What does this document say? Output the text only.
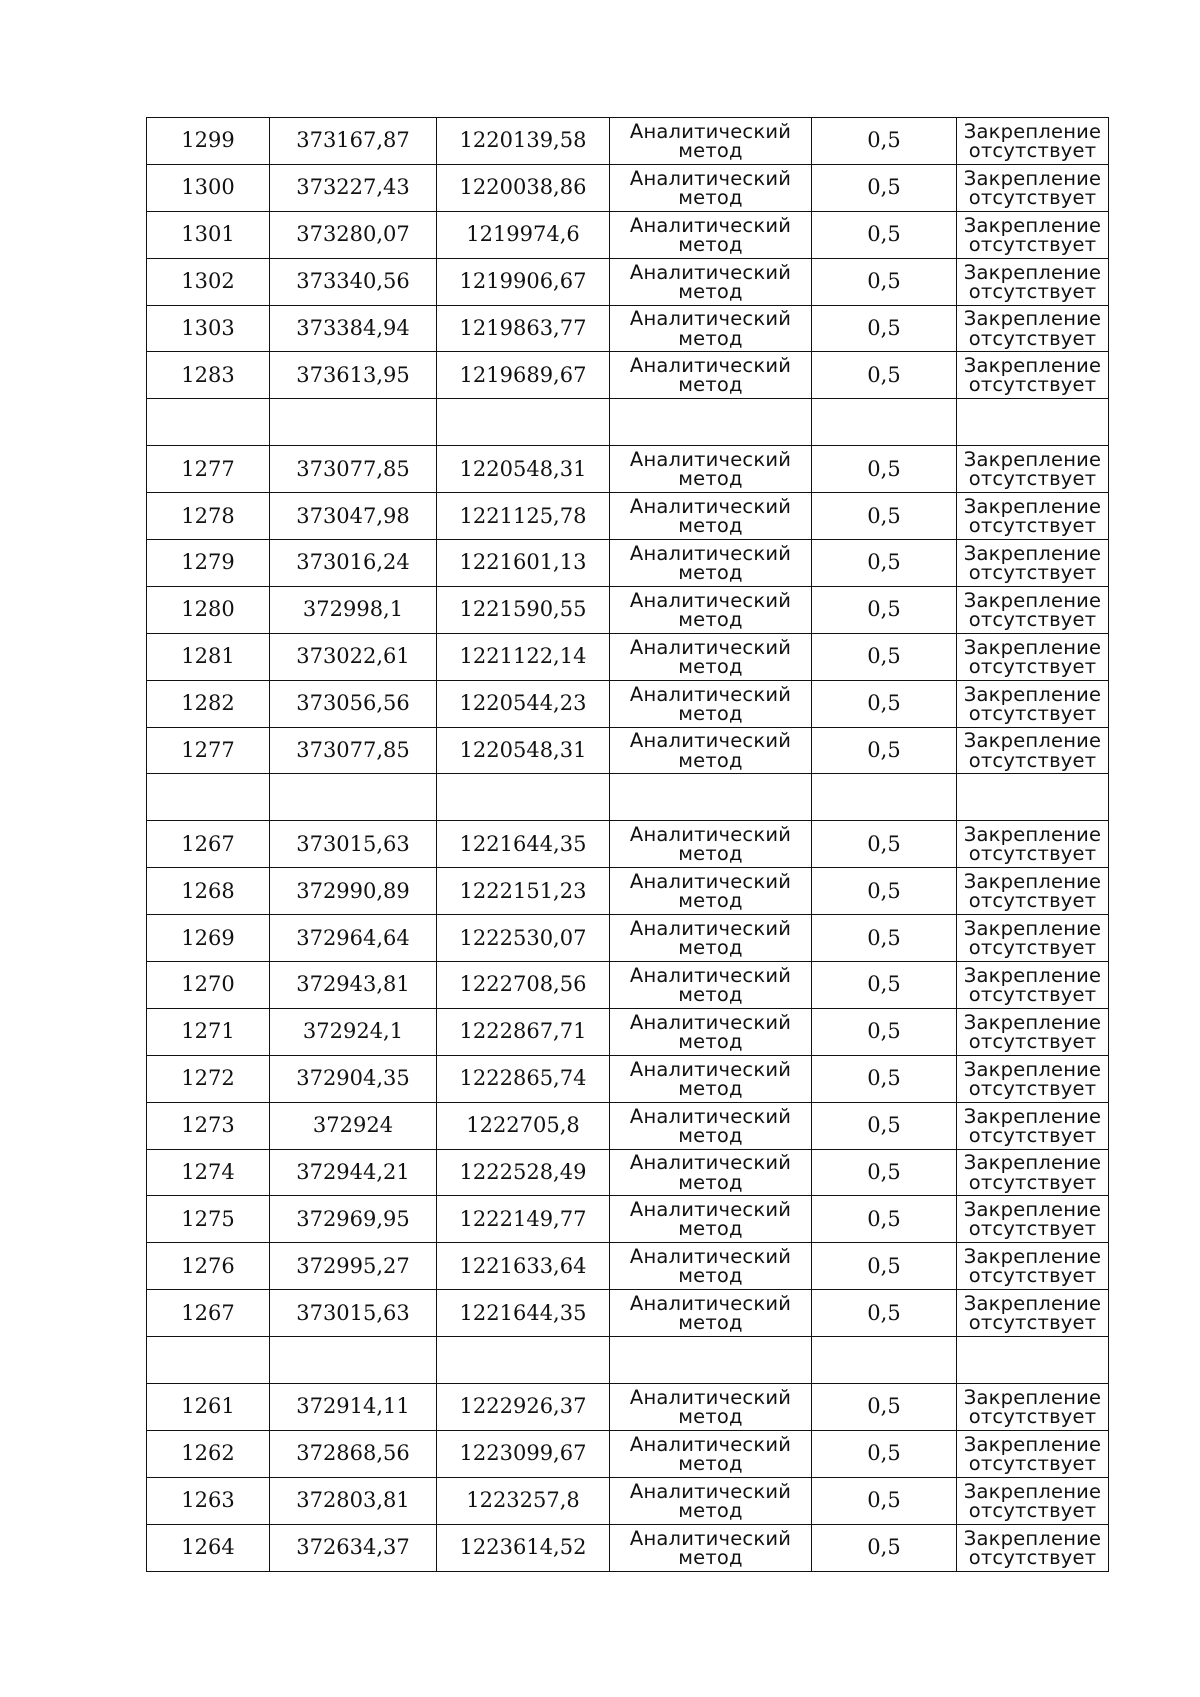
1299	373167,87	1220139,58	Аналитический
метод	0,5	Закрепление
отсутствует

1300	373227,43	1220038,86	Аналитический
метод	0,5	Закрепление
отсутствует

1301	373280,07	1219974,6	Аналитический
метод	0,5	Закрепление
отсутствует

1302	373340,56	1219906,67	Аналитический
метод	0,5	Закрепление
отсутствует

1303	373384,94	1219863,77	Аналитический
метод	0,5	Закрепление
отсутствует

1283	373613,95	1219689,67	Аналитический
метод	0,5	Закрепление
отсутствует

1277	373077,85	1220548,31	Аналитический
метод	0,5	Закрепление
отсутствует

1278	373047,98	1221125,78	Аналитический
метод	0,5	Закрепление
отсутствует

1279	373016,24	1221601,13	Аналитический
метод	0,5	Закрепление
отсутствует

1280	372998,1	1221590,55	Аналитический
метод	0,5	Закрепление
отсутствует

1281	373022,61	1221122,14	Аналитический
метод	0,5	Закрепление
отсутствует

1282	373056,56	1220544,23	Аналитический
метод	0,5	Закрепление
отсутствует

1277	373077,85	1220548,31	Аналитический
метод	0,5	Закрепление
отсутствует

1267	373015,63	1221644,35	Аналитический
метод	0,5	Закрепление
отсутствует

1268	372990,89	1222151,23	Аналитический
метод	0,5	Закрепление
отсутствует

1269	372964,64	1222530,07	Аналитический
метод	0,5	Закрепление
отсутствует

1270	372943,81	1222708,56	Аналитический
метод	0,5	Закрепление
отсутствует

1271	372924,1	1222867,71	Аналитический
метод	0,5	Закрепление
отсутствует

1272	372904,35	1222865,74	Аналитический
метод	0,5	Закрепление
отсутствует

1273	372924	1222705,8	Аналитический
метод	0,5	Закрепление
отсутствует

1274	372944,21	1222528,49	Аналитический
метод	0,5	Закрепление
отсутствует

1275	372969,95	1222149,77	Аналитический
метод	0,5	Закрепление
отсутствует

1276	372995,27	1221633,64	Аналитический
метод	0,5	Закрепление
отсутствует

1267	373015,63	1221644,35	Аналитический
метод	0,5	Закрепление
отсутствует

1261	372914,11	1222926,37	Аналитический
метод	0,5	Закрепление
отсутствует

1262	372868,56	1223099,67	Аналитический
метод	0,5	Закрепление
отсутствует

1263	372803,81	1223257,8	Аналитический
метод	0,5	Закрепление
отсутствует

1264	372634,37	1223614,52	Аналитический
метод	0,5	Закрепление
отсутствует
